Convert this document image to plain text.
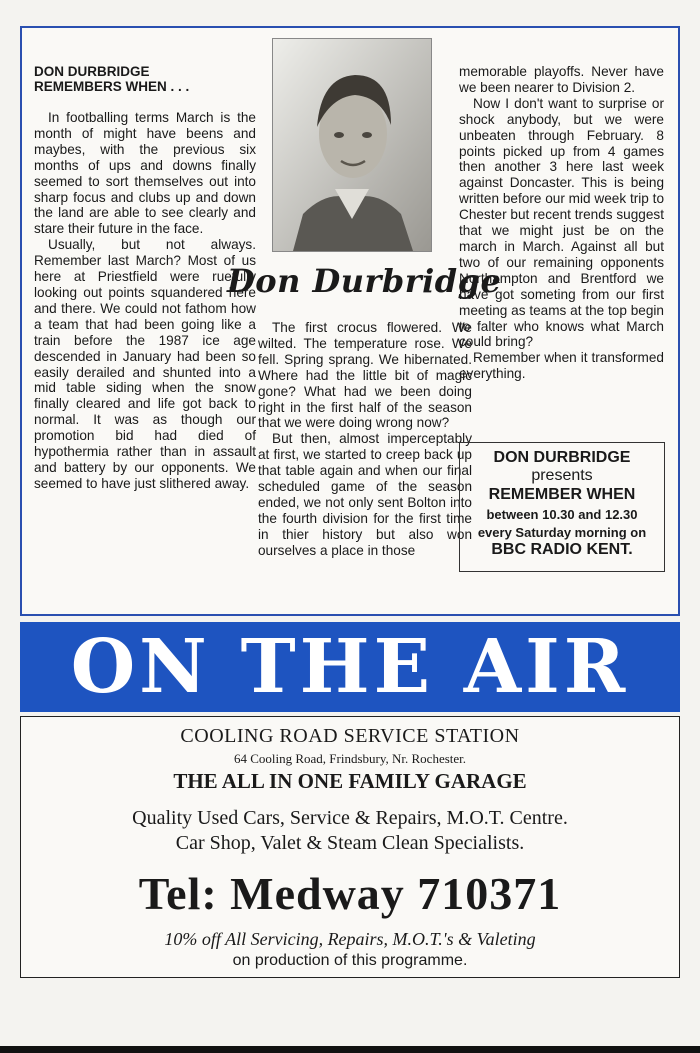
DON DURBRIDGE
REMEMBERS WHEN . . .

In footballing terms March is the month of might have beens and maybes, with the previous six months of ups and downs finally seemed to sort themselves out into sharp focus and clubs up and down the land are able to see clearly and stare their future in the face.

Usually, but not always. Remember last March? Most of us here at Priestfield were ruefully looking out points squandered here and there. We could not fathom how a team that had been going like a train before the 1987 ice age descended in January had been so easily derailed and shunted into a mid table siding when the snow finally cleared and life got back to normal. It was as though our promotion bid had died of hypothermia rather than in assault and battery by our opponents. We seemed to have just slithered away.

Don Durbridge

The first crocus flowered. We wilted. The temperature rose. We fell. Spring sprang. We hibernated. Where had the little bit of magic gone? What had we been doing right in the first half of the season that we were doing wrong now?

But then, almost imperceptably at first, we started to creep back up that table again and when our final scheduled game of the season ended, we not only sent Bolton into the fourth division for the first time in thier history but also won ourselves a place in those

memorable playoffs. Never have we been nearer to Division 2.

Now I don't want to surprise or shock anybody, but we were unbeaten through February. 8 points picked up from 4 games then another 3 here last week against Doncaster. This is being written before our mid week trip to Chester but recent trends suggest that we might just be on the march in March. Against all but two of our remaining opponents Northampton and Brentford we have got someting from our first meeting as teams at the top begin to falter who knows what March could bring?

Remember when it transformed everything.

DON DURBRIDGE
presents
REMEMBER WHEN
between 10.30 and 12.30
every Saturday morning on
BBC RADIO KENT.
ON THE AIR
COOLING ROAD SERVICE STATION
64 Cooling Road, Frindsbury, Nr. Rochester.
THE ALL IN ONE FAMILY GARAGE
Quality Used Cars, Service & Repairs, M.O.T. Centre.
Car Shop, Valet & Steam Clean Specialists.
Tel: Medway 710371
10% off All Servicing, Repairs, M.O.T.'s & Valeting
on production of this programme.
